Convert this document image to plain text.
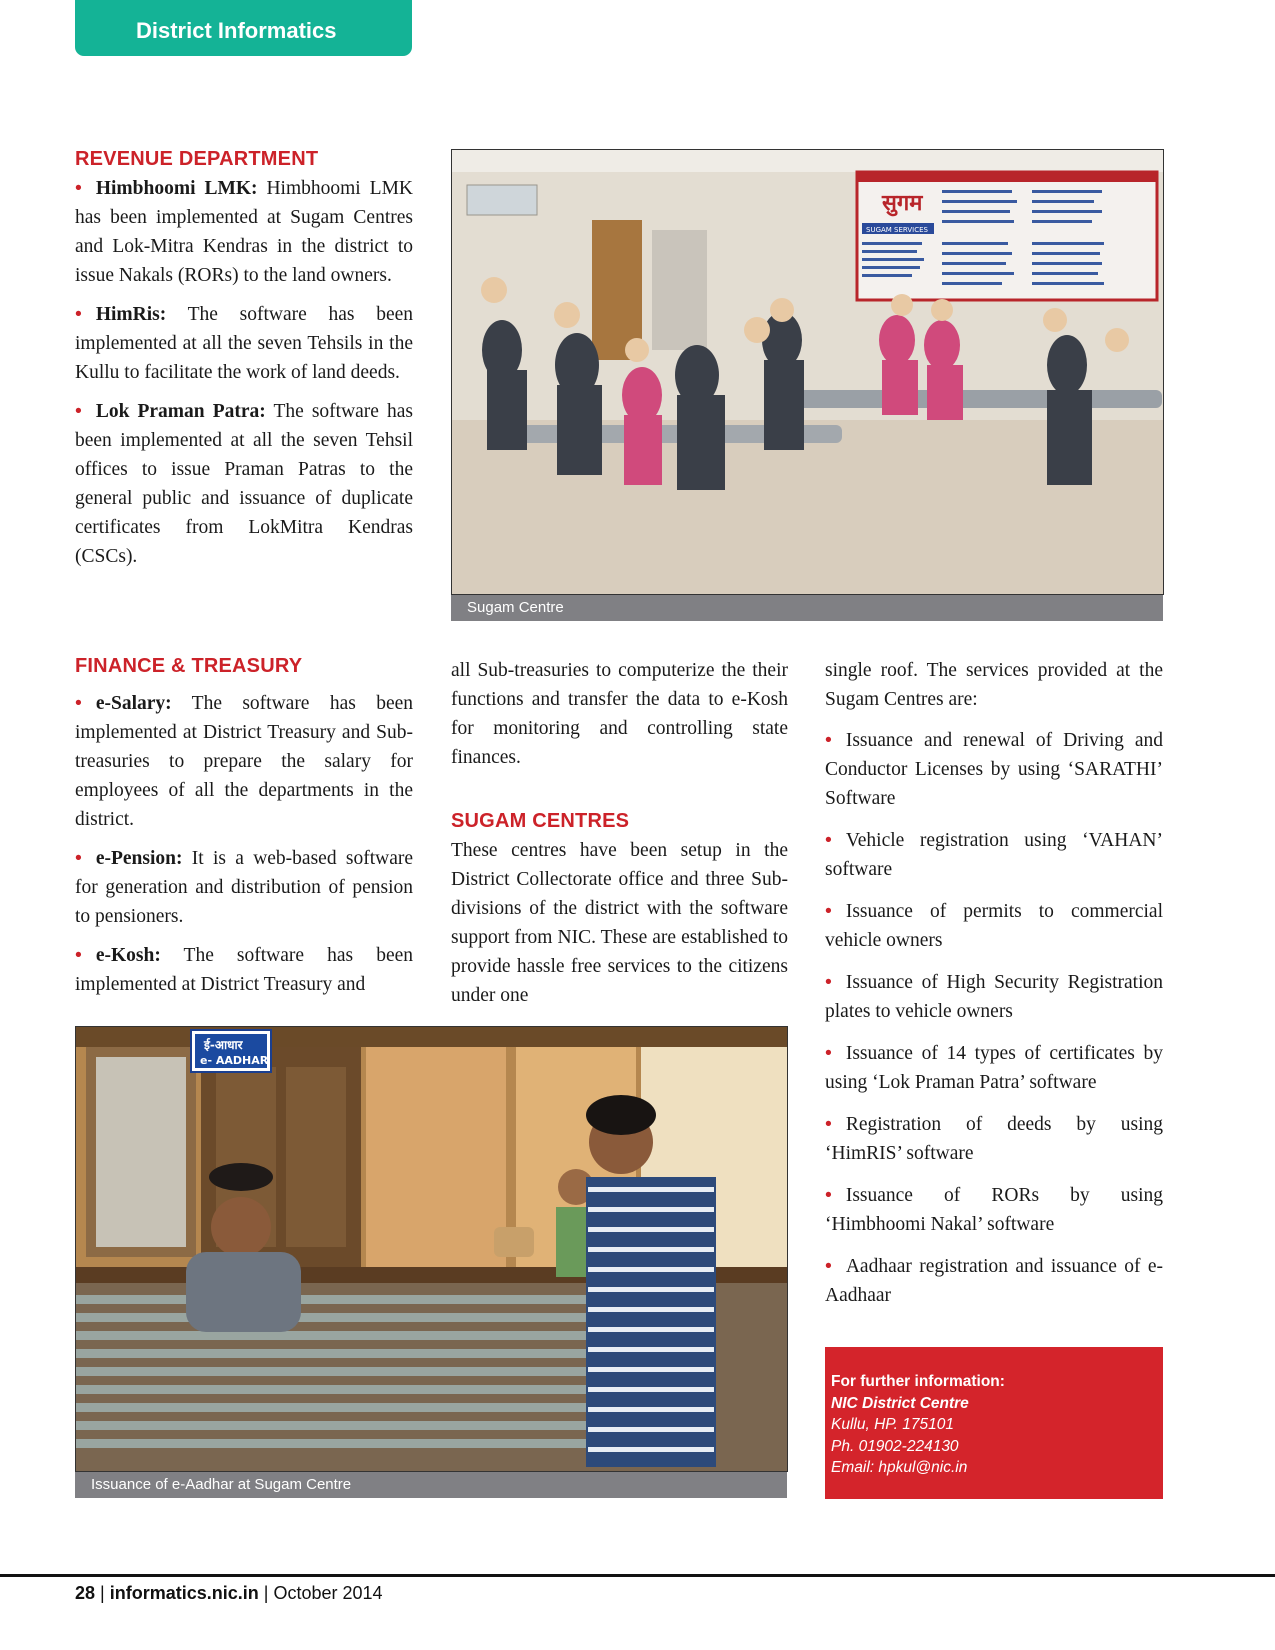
District Informatics
REVENUE DEPARTMENT

• Himbhoomi LMK: Himbhoomi LMK has been implemented at Sugam Centres and Lok-Mitra Kendras in the district to issue Nakals (RORs) to the land owners.

• HimRis: The software has been implemented at all the seven Tehsils in the Kullu to facilitate the work of land deeds.

• Lok Praman Patra: The software has been implemented at all the seven Tehsil offices to issue Praman Patras to the general public and issuance of duplicate certificates from LokMitra Kendras (CSCs).

सुगम
SUGAM SERVICES
Sugam Centre
FINANCE & TREASURY

• e-Salary: The software has been implemented at District Treasury and Sub-treasuries to prepare the salary for employees of all the departments in the district.

• e-Pension: It is a web-based software for generation and distribution of pension to pensioners.

• e-Kosh: The software has been implemented at District Treasury and

all Sub-treasuries to computerize the their functions and transfer the data to e-Kosh for monitoring and controlling state finances.

SUGAM CENTRES

These centres have been setup in the District Collectorate office and three Sub-divisions of the district with the software support from NIC. These are established to provide hassle free services to the citizens under one

single roof. The services provided at the Sugam Centres are:

• Issuance and renewal of Driving and Conductor Licenses by using ‘SARATHI’ Software

• Vehicle registration using ‘VAHAN’ software

• Issuance of permits to commercial vehicle owners

• Issuance of High Security Registration plates to vehicle owners

• Issuance of 14 types of certificates by using ‘Lok Praman Patra’ software

• Registration of deeds by using ‘HimRIS’ software

• Issuance of RORs by using ‘Himbhoomi Nakal’ software

• Aadhaar registration and issuance of e-Aadhaar

ई-आधार
e- AADHAR
Issuance of e-Aadhar at Sugam Centre
For further information:
NIC District Centre
Kullu, HP. 175101
Ph. 01902-224130
Email: hpkul@nic.in
28 | informatics.nic.in | October 2014
